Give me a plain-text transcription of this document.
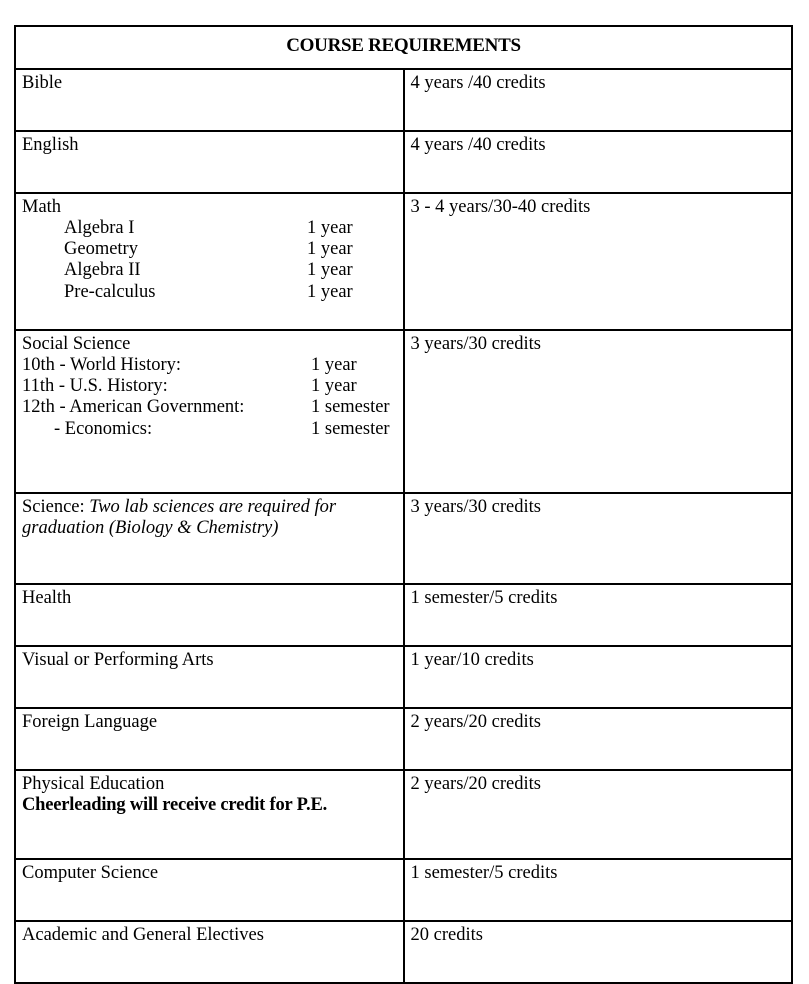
COURSE REQUIREMENTS	

Bible	4 years /40 credits

English	4 years /40 credits

Math
Algebra I 1 year
Geometry 1 year
Algebra II 1 year
Pre-calculus 1 year	3 - 4 years/30-40 credits

Social Science
10th - World History: 1 year
11th - U.S. History: 1 year
12th - American Government: 1 semester
- Economics: 1 semester	3 years/30 credits
Science: Two lab sciences are required for graduation (Biology & Chemistry)	3 years/30 credits

Health	1 semester/5 credits

Visual or Performing Arts	1 year/10 credits

Foreign Language	2 years/20 credits

Physical Education
Cheerleading will receive credit for P.E.	2 years/20 credits

Computer Science	1 semester/5 credits

Academic and General Electives	20 credits
